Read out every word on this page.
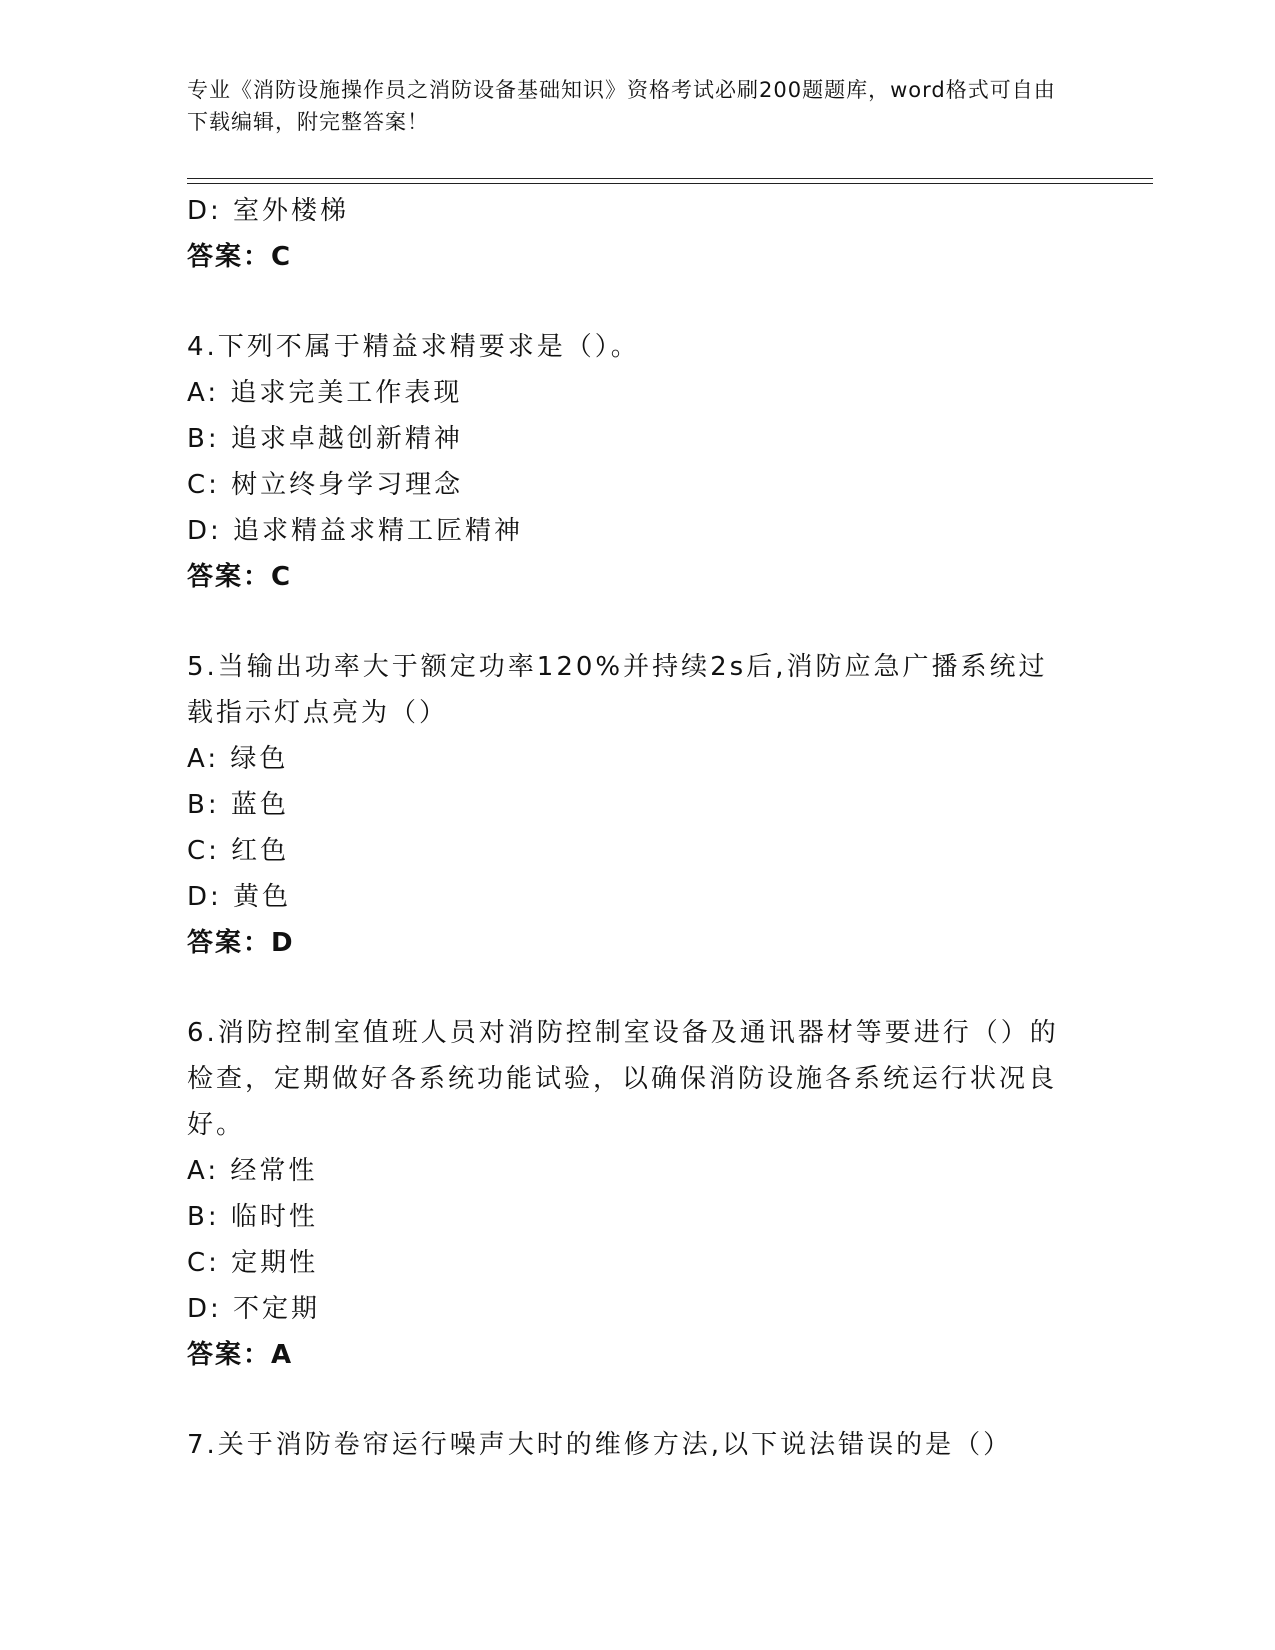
专业《消防设施操作员之消防设备基础知识》资格考试必刷200题题库，word格式可自由下载编辑，附完整答案！
D: 室外楼梯
答案：C
4.下列不属于精益求精要求是（）。
A: 追求完美工作表现
B: 追求卓越创新精神
C: 树立终身学习理念
D: 追求精益求精工匠精神
答案：C
5.当输出功率大于额定功率120%并持续2s后,消防应急广播系统过载指示灯点亮为（）
A: 绿色
B: 蓝色
C: 红色
D: 黄色
答案：D
6.消防控制室值班人员对消防控制室设备及通讯器材等要进行（）的检查，定期做好各系统功能试验，以确保消防设施各系统运行状况良好。
A: 经常性
B: 临时性
C: 定期性
D: 不定期
答案：A
7.关于消防卷帘运行噪声大时的维修方法,以下说法错误的是（）
